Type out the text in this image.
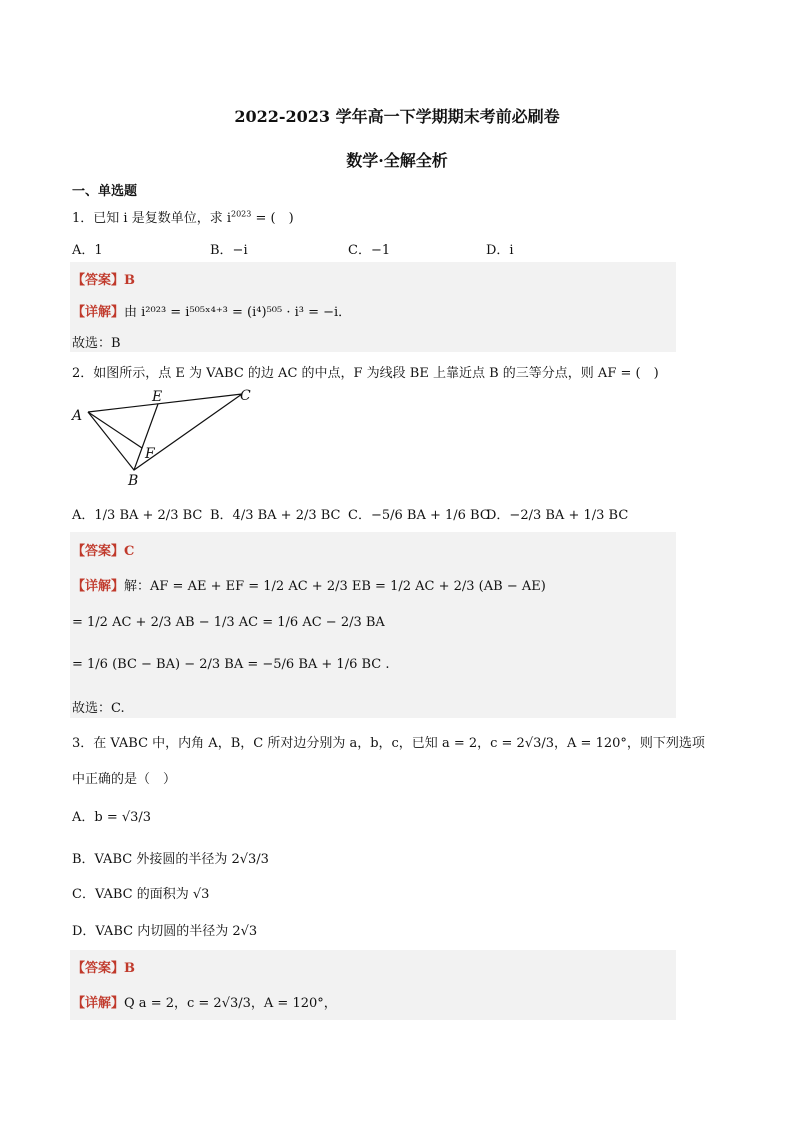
2022-2023 学年高一下学期期末考前必刷卷
数学·全解全析
一、单选题
1．已知 i 是复数单位，求 $i^{2023}$ = (　)
A．1	B．−i	C．−1	D．i
【答案】B
【详解】由 i²⁰²³ = i⁵⁰⁵ˣ⁴⁺³ = (i⁴)⁵⁰⁵ · i³ = −i．
故选：B
2．如图所示，点 E 为 VABC 的边 AC 的中点，F 为线段 BE 上靠近点 B 的三等分点，则 AF = (　)
A
E	C
F
B
A．1/3 BA + 2/3 BC B．4/3 BA + 2/3 BC C．−5/6 BA + 1/6 BC
D．−2/3 BA + 1/3 BC
【答案】C
【详解】解：AF = AE + EF = 1/2 AC + 2/3 EB = 1/2 AC + 2/3 (AB − AE)
= 1/2 AC + 2/3 AB − 1/3 AC = 1/6 AC − 2/3 BA
= 1/6 (BC − BA) − 2/3 BA = −5/6 BA + 1/6 BC .
故选：C.
3．在 VABC 中，内角 A，B，C 所对边分别为 a，b，c，已知 a = 2，c = 2√3/3，A = 120°，则下列选项
中正确的是（　）
A．b = √3/3
B．VABC 外接圆的半径为 2√3/3
C．VABC 的面积为 √3
D．VABC 内切圆的半径为 2√3
【答案】B
【详解】Q a = 2，c = 2√3/3，A = 120°，
